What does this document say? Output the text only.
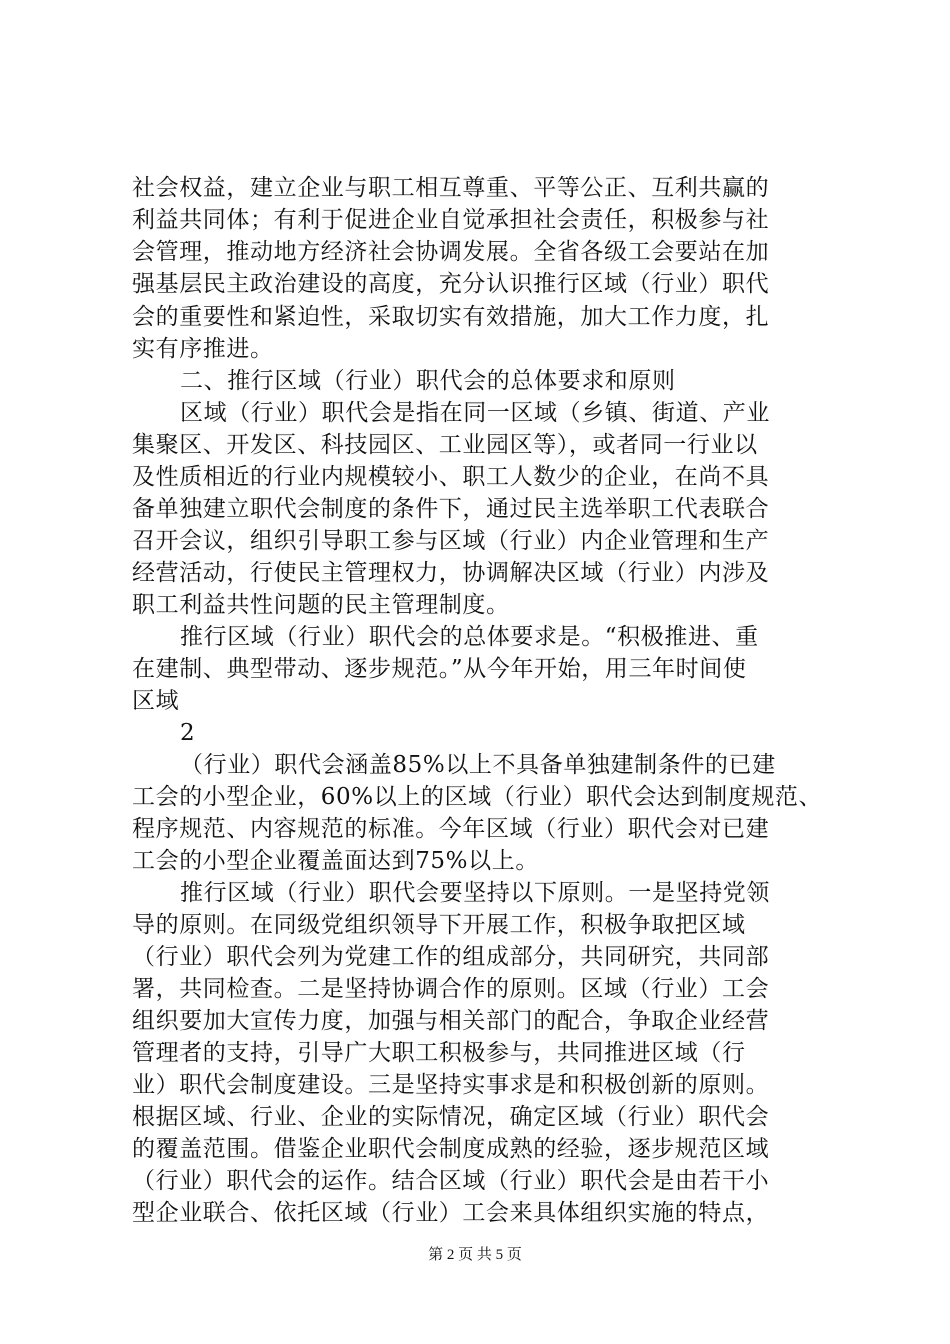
社会权益，建立企业与职工相互尊重、平等公正、互利共赢的
利益共同体；有利于促进企业自觉承担社会责任，积极参与社
会管理，推动地方经济社会协调发展。全省各级工会要站在加
强基层民主政治建设的高度，充分认识推行区域（行业）职代
会的重要性和紧迫性，采取切实有效措施，加大工作力度，扎
实有序推进。
二、推行区域（行业）职代会的总体要求和原则
区域（行业）职代会是指在同一区域（乡镇、街道、产业
集聚区、开发区、科技园区、工业园区等），或者同一行业以
及性质相近的行业内规模较小、职工人数少的企业，在尚不具
备单独建立职代会制度的条件下，通过民主选举职工代表联合
召开会议，组织引导职工参与区域（行业）内企业管理和生产
经营活动，行使民主管理权力，协调解决区域（行业）内涉及
职工利益共性问题的民主管理制度。
推行区域（行业）职代会的总体要求是。“积极推进、重
在建制、典型带动、逐步规范。”从今年开始，用三年时间使
区域
2
（行业）职代会涵盖85%以上不具备单独建制条件的已建
工会的小型企业，60%以上的区域（行业）职代会达到制度规范、
程序规范、内容规范的标准。今年区域（行业）职代会对已建
工会的小型企业覆盖面达到75%以上。
推行区域（行业）职代会要坚持以下原则。一是坚持党领
导的原则。在同级党组织领导下开展工作，积极争取把区域
（行业）职代会列为党建工作的组成部分，共同研究，共同部
署，共同检查。二是坚持协调合作的原则。区域（行业）工会
组织要加大宣传力度，加强与相关部门的配合，争取企业经营
管理者的支持，引导广大职工积极参与，共同推进区域（行
业）职代会制度建设。三是坚持实事求是和积极创新的原则。
根据区域、行业、企业的实际情况，确定区域（行业）职代会
的覆盖范围。借鉴企业职代会制度成熟的经验，逐步规范区域
（行业）职代会的运作。结合区域（行业）职代会是由若干小
型企业联合、依托区域（行业）工会来具体组织实施的特点，
第 2 页 共 5 页
